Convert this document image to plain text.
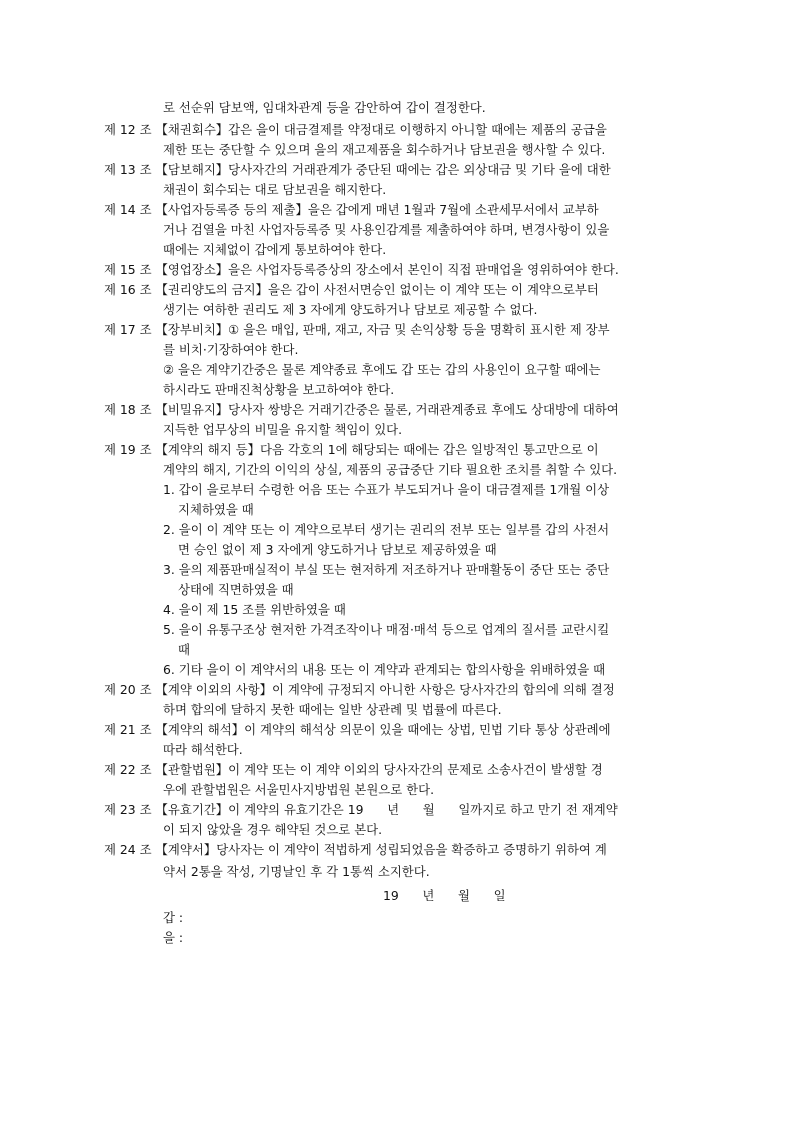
로 선순위 담보액, 임대차관계 등을 감안하여 갑이 결정한다.
제 12 조 【채권회수】갑은 을이 대금결제를 약정대로 이행하지 아니할 때에는 제품의 공급을
제한 또는 중단할 수 있으며 을의 재고제품을 회수하거나 담보권을 행사할 수 있다.
제 13 조 【담보해지】당사자간의 거래관계가 중단된 때에는 갑은 외상대금 및 기타 을에 대한
채권이 회수되는 대로 담보권을 해지한다.
제 14 조 【사업자등록증 등의 제출】을은 갑에게 매년 1월과 7월에 소관세무서에서 교부하
거나 검열을 마친 사업자등록증 및 사용인감계를 제출하여야 하며, 변경사항이 있을
때에는 지체없이 갑에게 통보하여야 한다.
제 15 조 【영업장소】을은 사업자등록증상의 장소에서 본인이 직접 판매업을 영위하여야 한다.
제 16 조 【권리양도의 금지】을은 갑이 사전서면승인 없이는 이 계약 또는 이 계약으로부터
생기는 여하한 권리도 제 3 자에게 양도하거나 담보로 제공할 수 없다.
제 17 조 【장부비치】① 을은 매입, 판매, 재고, 자금 및 손익상황 등을 명확히 표시한 제 장부
를 비치·기장하여야 한다.
② 을은 계약기간중은 물론 계약종료 후에도 갑 또는 갑의 사용인이 요구할 때에는
하시라도 판매진척상황을 보고하여야 한다.
제 18 조 【비밀유지】당사자 쌍방은 거래기간중은 물론, 거래관계종료 후에도 상대방에 대하여
지득한 업무상의 비밀을 유지할 책임이 있다.
제 19 조 【계약의 해지 등】다음 각호의 1에 해당되는 때에는 갑은 일방적인 통고만으로 이
계약의 해지, 기간의 이익의 상실, 제품의 공급중단 기타 필요한 조치를 취할 수 있다.
1. 갑이 을로부터 수령한 어음 또는 수표가 부도되거나 을이 대금결제를 1개월 이상
지체하였을 때
2. 을이 이 계약 또는 이 계약으로부터 생기는 권리의 전부 또는 일부를 갑의 사전서
면 승인 없이 제 3 자에게 양도하거나 담보로 제공하였을 때
3. 을의 제품판매실적이 부실 또는 현저하게 저조하거나 판매활동이 중단 또는 중단
상태에 직면하였을 때
4. 을이 제 15 조를 위반하였을 때
5. 을이 유통구조상 현저한 가격조작이나 매점·매석 등으로 업계의 질서를 교란시킬
때
6. 기타 을이 이 계약서의 내용 또는 이 계약과 관계되는 합의사항을 위배하였을 때
제 20 조 【계약 이외의 사항】이 계약에 규정되지 아니한 사항은 당사자간의 합의에 의해 결정
하며 합의에 달하지 못한 때에는 일반 상관례 및 법률에 따른다.
제 21 조 【계약의 해석】이 계약의 해석상 의문이 있을 때에는 상법, 민법 기타 통상 상관례에
따라 해석한다.
제 22 조 【관할법원】이 계약 또는 이 계약 이외의 당사자간의 문제로 소송사건이 발생할 경
우에 관할법원은 서울민사지방법원 본원으로 한다.
제 23 조 【유효기간】이 계약의 유효기간은 19      년      월      일까지로 하고 만기 전 재계약
이 되지 않았을 경우 해약된 것으로 본다.
제 24 조 【계약서】당사자는 이 계약이 적법하게 성립되었음을 확증하고 증명하기 위하여 계
약서 2통을 작성, 기명날인 후 각 1통씩 소지한다.
19      년      월      일
갑 :
을 :
